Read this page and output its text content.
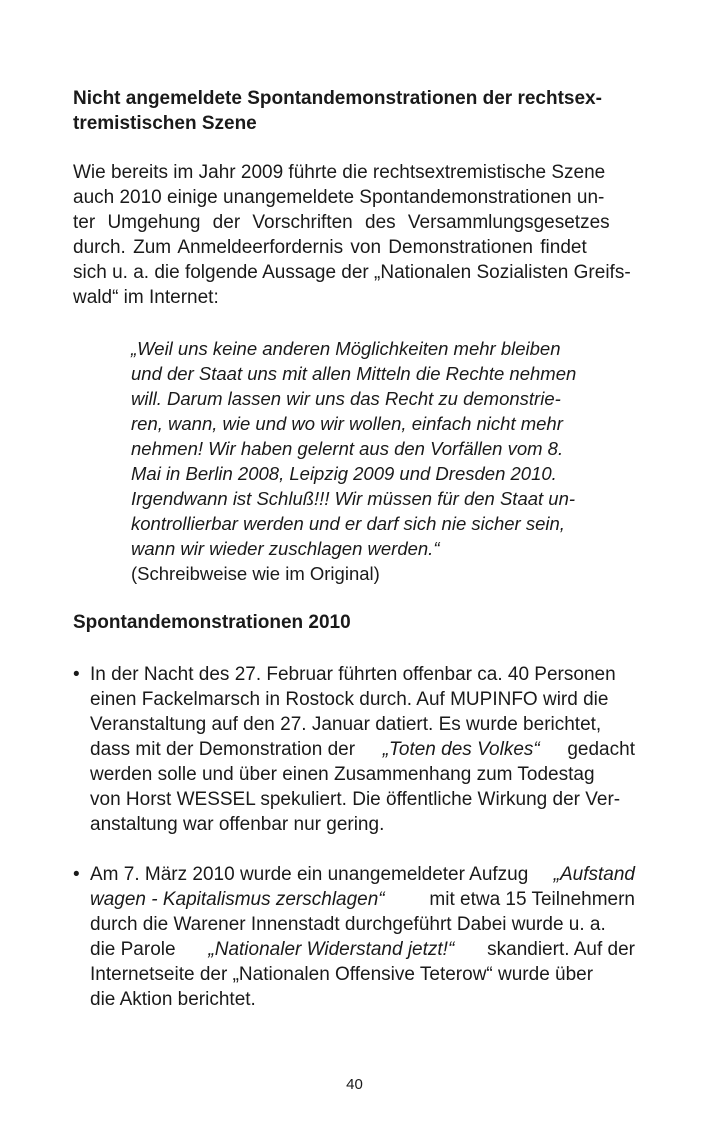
Nicht angemeldete Spontandemonstrationen der rechtsex-
tremistischen Szene
Wie bereits im Jahr 2009 führte die rechtsextremistische Szene
auch 2010 einige unangemeldete Spontandemonstrationen un-
ter Umgehung der Vorschriften des Versammlungsgesetzes
durch. Zum Anmeldeerfordernis von Demonstrationen findet
sich u. a. die folgende Aussage der „Nationalen Sozialisten Greifs-
wald“ im Internet:
„Weil uns keine anderen Möglichkeiten mehr bleiben
und der Staat uns mit allen Mitteln die Rechte nehmen
will. Darum lassen wir uns das Recht zu demonstrie-
ren, wann, wie und wo wir wollen, einfach nicht mehr
nehmen! Wir haben gelernt aus den Vorfällen vom 8.
Mai in Berlin 2008, Leipzig 2009 und Dresden 2010.
Irgendwann ist Schluß!!! Wir müssen für den Staat un-
kontrollierbar werden und er darf sich nie sicher sein,
wann wir wieder zuschlagen werden.“
(Schreibweise wie im Original)
Spontandemonstrationen 2010
• In der Nacht des 27. Februar führten offenbar ca. 40 Personen
einen Fackelmarsch in Rostock durch. Auf MUPINFO wird die
Veranstaltung auf den 27. Januar datiert. Es wurde berichtet,
dass mit der Demonstration der „Toten des Volkes“ gedacht
werden solle und über einen Zusammenhang zum Todestag
von Horst WESSEL spekuliert. Die öffentliche Wirkung der Ver-
anstaltung war offenbar nur gering.
• Am 7. März 2010 wurde ein unangemeldeter Aufzug „Aufstand
wagen - Kapitalismus zerschlagen“ mit etwa 15 Teilnehmern
durch die Warener Innenstadt durchgeführt Dabei wurde u. a.
die Parole „Nationaler Widerstand jetzt!“ skandiert. Auf der
Internetseite der „Nationalen Offensive Teterow“ wurde über
die Aktion berichtet.
40
